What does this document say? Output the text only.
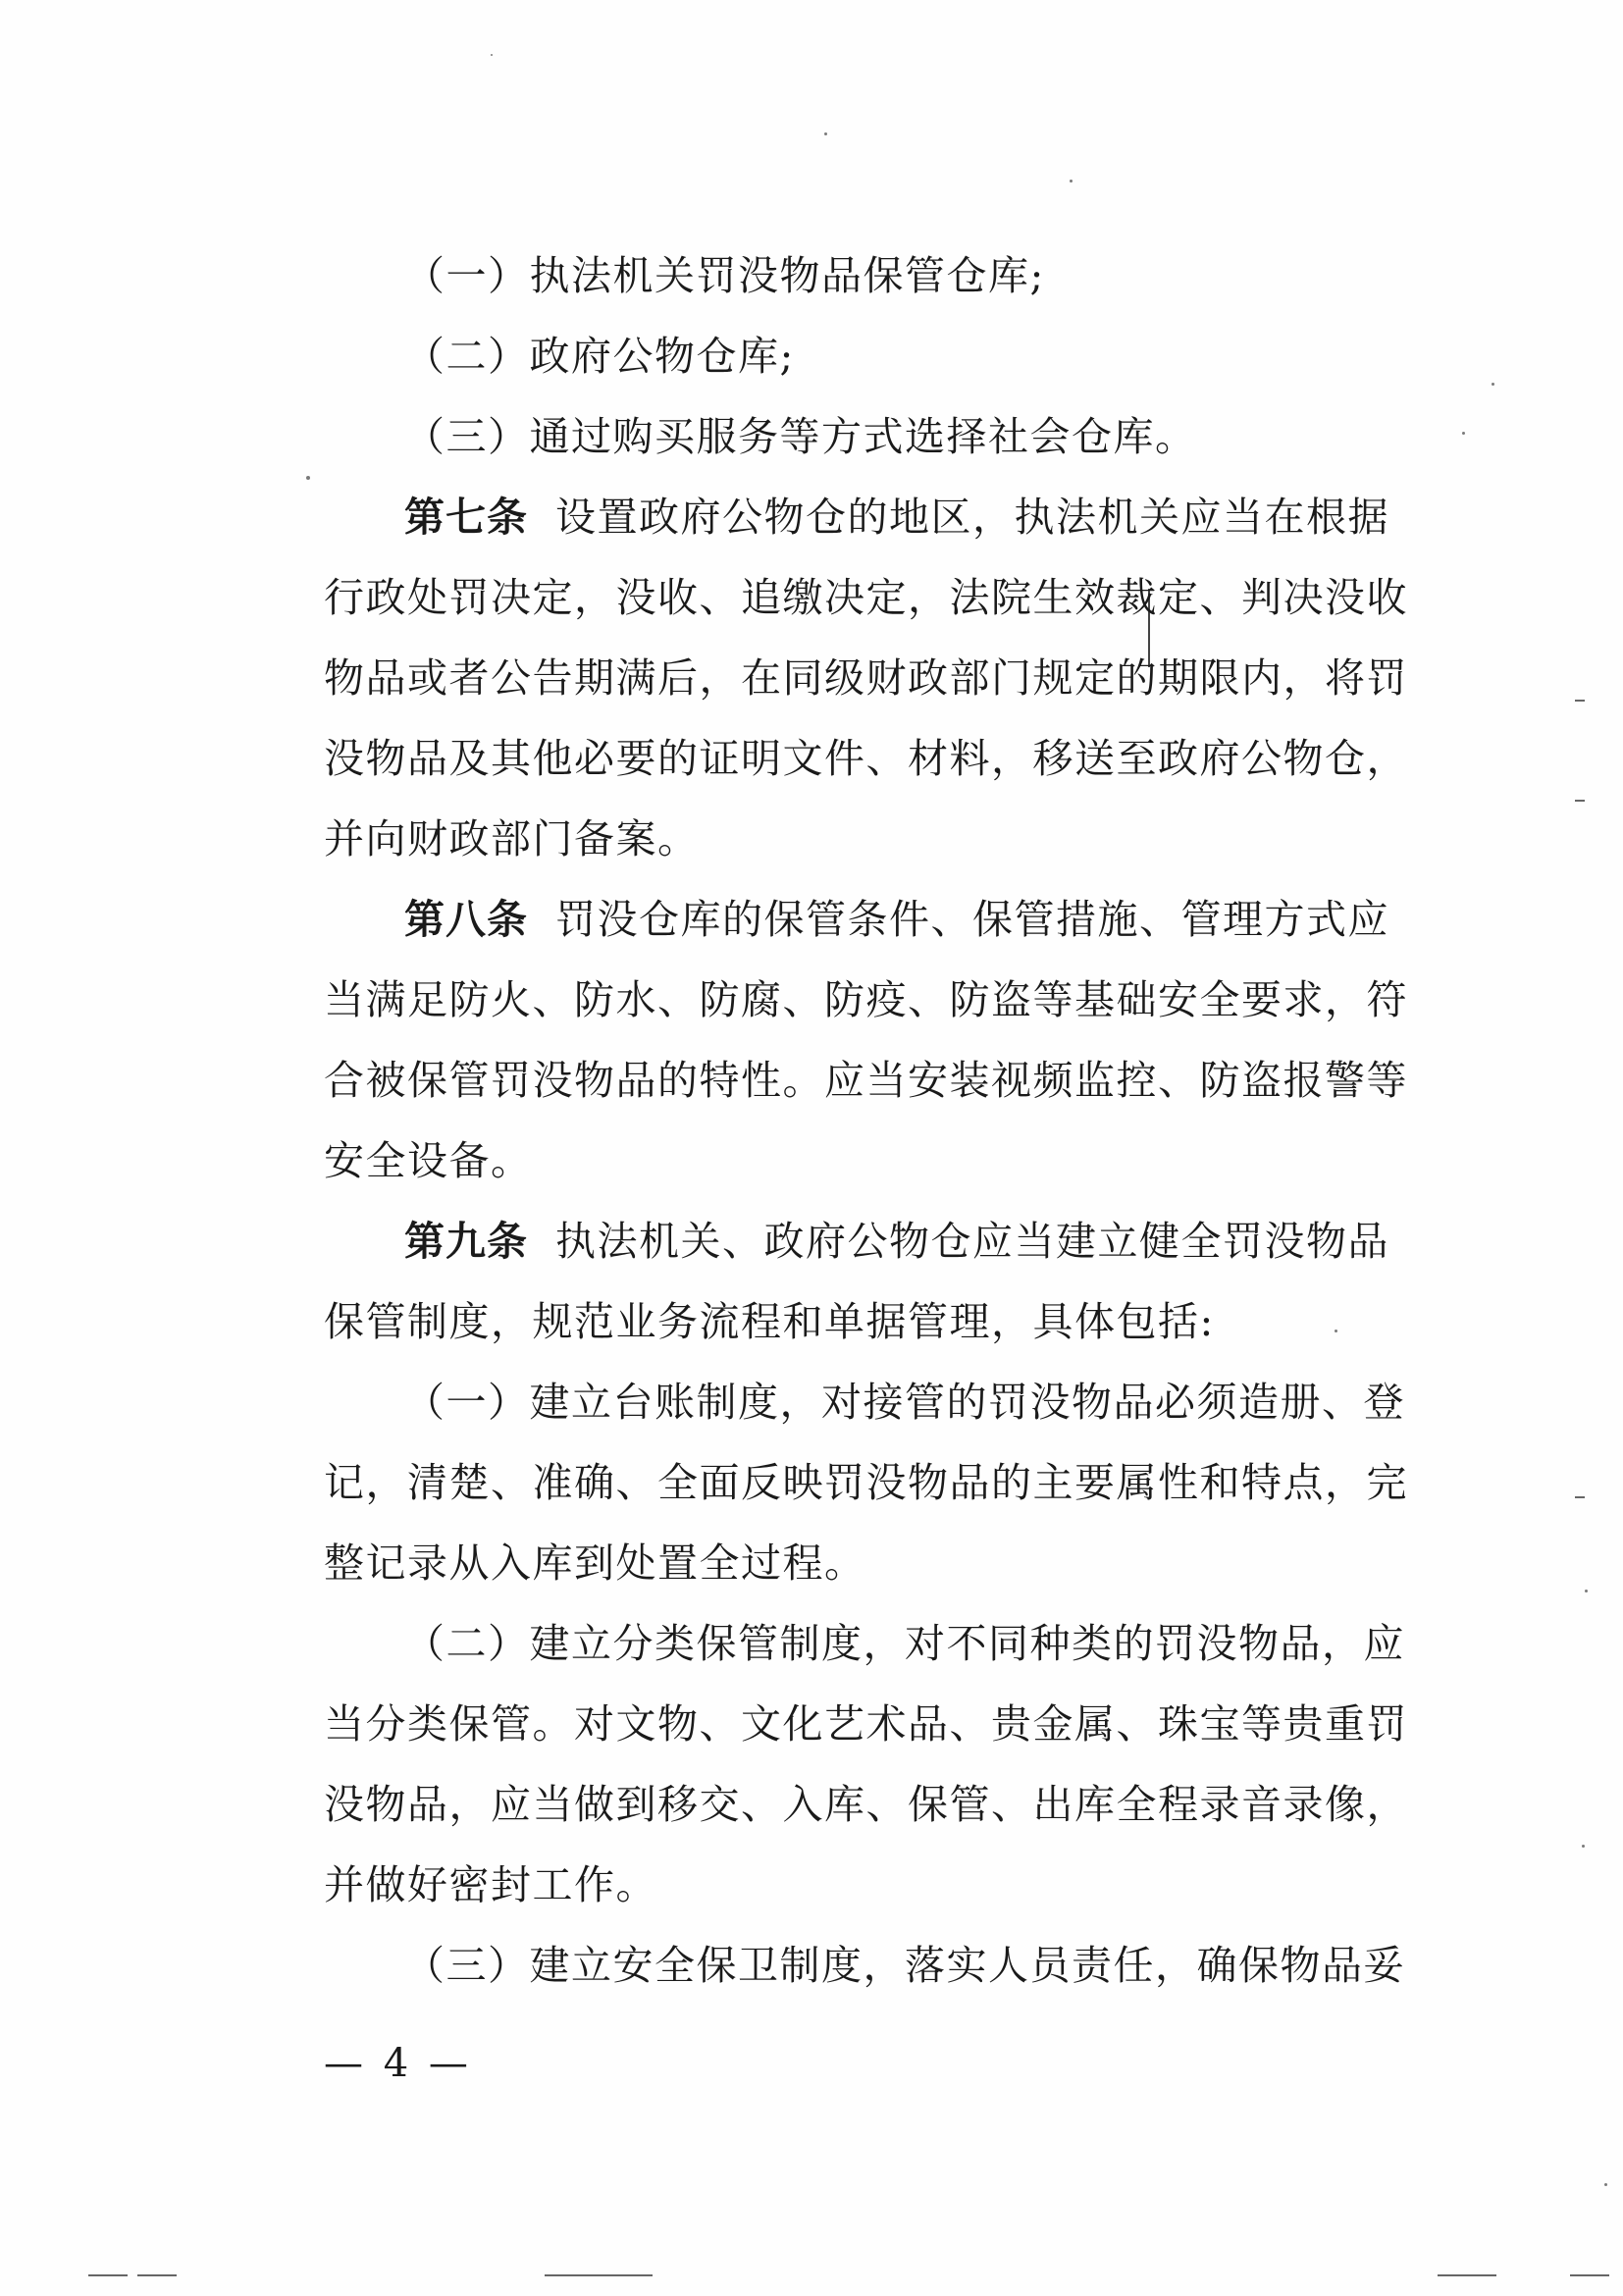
（一）执法机关罚没物品保管仓库;
（二）政府公物仓库;
（三）通过购买服务等方式选择社会仓库。
第七条 设置政府公物仓的地区，执法机关应当在根据
行政处罚决定，没收、追缴决定，法院生效裁定、判决没收
物品或者公告期满后，在同级财政部门规定的期限内，将罚
没物品及其他必要的证明文件、材料，移送至政府公物仓，
并向财政部门备案。
第八条 罚没仓库的保管条件、保管措施、管理方式应
当满足防火、防水、防腐、防疫、防盗等基础安全要求，符
合被保管罚没物品的特性。应当安装视频监控、防盗报警等
安全设备。
第九条 执法机关、政府公物仓应当建立健全罚没物品
保管制度，规范业务流程和单据管理，具体包括:
（一）建立台账制度，对接管的罚没物品必须造册、登
记，清楚、准确、全面反映罚没物品的主要属性和特点，完
整记录从入库到处置全过程。
（二）建立分类保管制度，对不同种类的罚没物品，应
当分类保管。对文物、文化艺术品、贵金属、珠宝等贵重罚
没物品，应当做到移交、入库、保管、出库全程录音录像，
并做好密封工作。
（三）建立安全保卫制度，落实人员责任，确保物品妥
— 4 —
